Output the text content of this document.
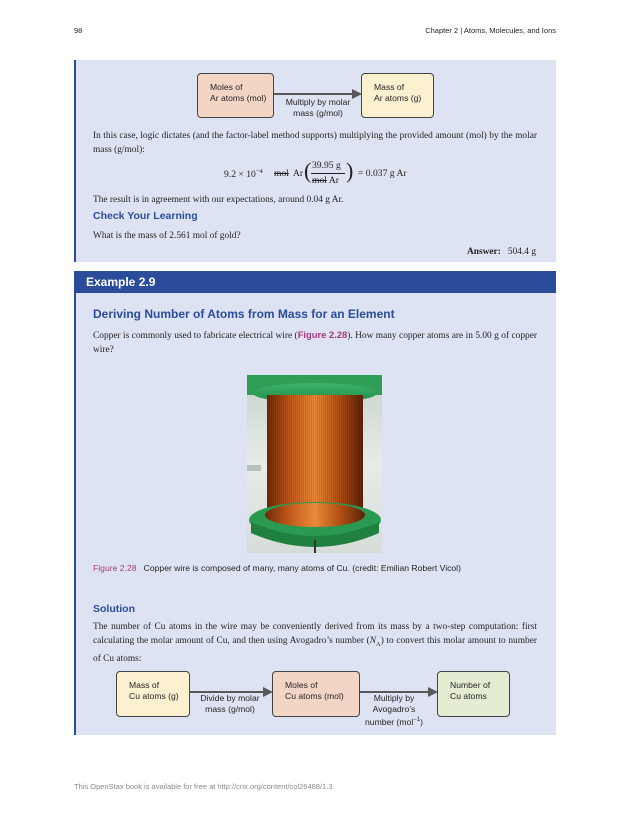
98	Chapter 2 | Atoms, Molecules, and Ions
Moles of
Ar atoms (mol)
Mass of
Ar atoms (g)
Multiply by molar
mass (g/mol)
In this case, logic dictates (and the factor-label method supports) multiplying the provided amount (mol) by the molar mass (g/mol):
$9.2 \times 10^{-4}$ mol Ar ( 39.95 g
mol Ar ) = 0.037 g Ar
The result is in agreement with our expectations, around 0.04 g Ar.
Check Your Learning
What is the mass of 2.561 mol of gold?
Answer: 504.4 g
Example 2.9
Deriving Number of Atoms from Mass for an Element
Copper is commonly used to fabricate electrical wire (Figure 2.28). How many copper atoms are in 5.00 g of copper wire?
Figure 2.28 Copper wire is composed of many, many atoms of Cu. (credit: Emilian Robert Vicol)
Solution
The number of Cu atoms in the wire may be conveniently derived from its mass by a two-step computation: first calculating the molar amount of Cu, and then using Avogadro’s number $(N_A)$ to convert this molar amount to number of Cu atoms:
Mass of
Cu atoms (g)	Divide by molar
mass (g/mol)
Moles of
Cu atoms (mol)	Multiply by
Avogadro’s
number (mol$^{-1}$)
Number of
Cu atoms
This OpenStax book is available for free at http://cnx.org/content/col26488/1.3
